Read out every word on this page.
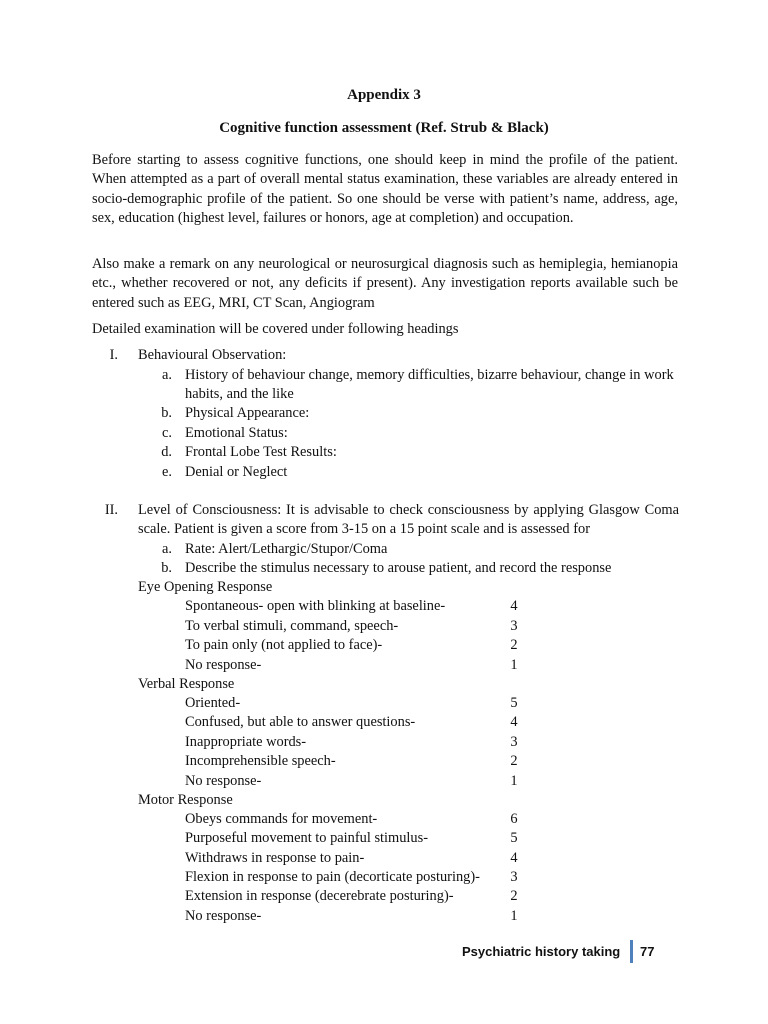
Appendix 3
Cognitive function assessment (Ref. Strub & Black)

Before starting to assess cognitive functions, one should keep in mind the profile of the patient. When attempted as a part of overall mental status examination, these variables are already entered in socio-demographic profile of the patient. So one should be verse with patient’s name, address, age, sex, education (highest level, failures or honors, age at completion) and occupation.

Also make a remark on any neurological or neurosurgical diagnosis such as hemiplegia, hemianopia etc., whether recovered or not, any deficits if present). Any investigation reports available such be entered such as EEG, MRI, CT Scan, Angiogram

Detailed examination will be covered under following headings

I. Behavioural Observation:
a. History of behaviour change, memory difficulties, bizarre behaviour, change in work habits, and the like
b. Physical Appearance:
c. Emotional Status:
d. Frontal Lobe Test Results:
e. Denial or Neglect
II. Level of Consciousness: It is advisable to check consciousness by applying Glasgow Coma scale. Patient is given a score from 3-15 on a 15 point scale and is assessed for
a. Rate: Alert/Lethargic/Stupor/Coma
b. Describe the stimulus necessary to arouse patient, and record the response
Eye Opening Response
Spontaneous- open with blinking at baseline-	4
To verbal stimuli, command, speech-	3
To pain only (not applied to face)-	2
No response-	1
Verbal Response
Oriented-	5
Confused, but able to answer questions-	4
Inappropriate words-	3
Incomprehensible speech-	2
No response-	1
Motor Response
Obeys commands for movement-	6
Purposeful movement to painful stimulus-	5
Withdraws in response to pain-	4
Flexion in response to pain (decorticate posturing)- 3
Extension in response (decerebrate posturing)-	2
No response-	1
Psychiatric history taking 77
